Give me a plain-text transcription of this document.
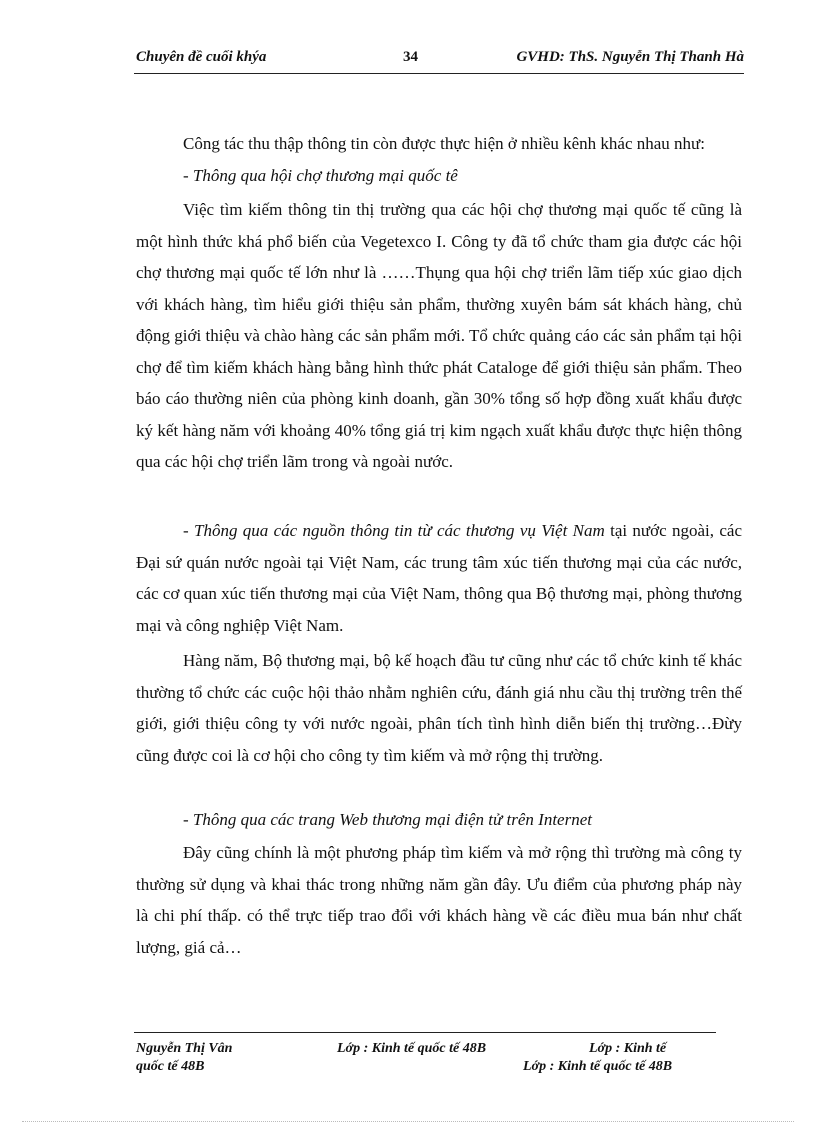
Chuyên đề cuối khýa	34	GVHD: ThS. Nguyễn Thị Thanh Hà

Công tác thu thập thông tin còn được thực hiện ở nhiều kênh khác nhau như:

- Thông qua hội chợ thương mại quốc tê

Việc tìm kiếm thông tin thị trường qua các hội chợ thương mại quốc tế cũng là một hình thức khá phổ biến của Vegetexco I. Công ty đã tổ chức tham gia được các hội chợ thương mại quốc tế lớn như là ……Thụng qua hội chợ triển lãm tiếp xúc giao dịch với khách hàng, tìm hiểu giới thiệu sản phẩm, thường xuyên bám sát khách hàng, chủ động giới thiệu và chào hàng các sản phẩm mới. Tổ chức quảng cáo các sản phẩm tại hội chợ để tìm kiếm khách hàng bằng hình thức phát Cataloge để giới thiệu sản phẩm. Theo báo cáo thường niên của phòng kinh doanh, gần 30% tổng số hợp đồng xuất khẩu được ký kết hàng năm với khoảng 40% tổng giá trị kim ngạch xuất khẩu được thực hiện thông qua các hội chợ triển lãm trong và ngoài nước.

- Thông qua các nguồn thông tin từ các thương vụ Việt Nam tại nước ngoài, các Đại sứ quán nước ngoài tại Việt Nam, các trung tâm xúc tiến thương mại của các nước, các cơ quan xúc tiến thương mại của Việt Nam, thông qua Bộ thương mại, phòng thương mại và công nghiệp Việt Nam.

Hàng năm, Bộ thương mại, bộ kế hoạch đầu tư cũng như các tổ chức kinh tế khác thường tổ chức các cuộc hội thảo nhằm nghiên cứu, đánh giá nhu cầu thị trường trên thế giới, giới thiệu công ty với nước ngoài, phân tích tình hình diễn biến thị trường…Đừy cũng được coi là cơ hội cho công ty tìm kiếm và mở rộng thị trường.

- Thông qua các trang Web thương mại điện tử trên Internet

Đây cũng chính là một phương pháp tìm kiếm và mở rộng thì trường mà công ty thường sử dụng và khai thác trong những năm gần đây. Ưu điểm của phương pháp này là chi phí thấp. có thể trực tiếp trao đổi với khách hàng về các điều mua bán như chất lượng, giá cả…

Nguyễn Thị Vân	Lớp : Kinh tế quốc tế 48B	Lớp : Kinh tế
quốc tế 48B	Lớp : Kinh tế quốc tế 48B
